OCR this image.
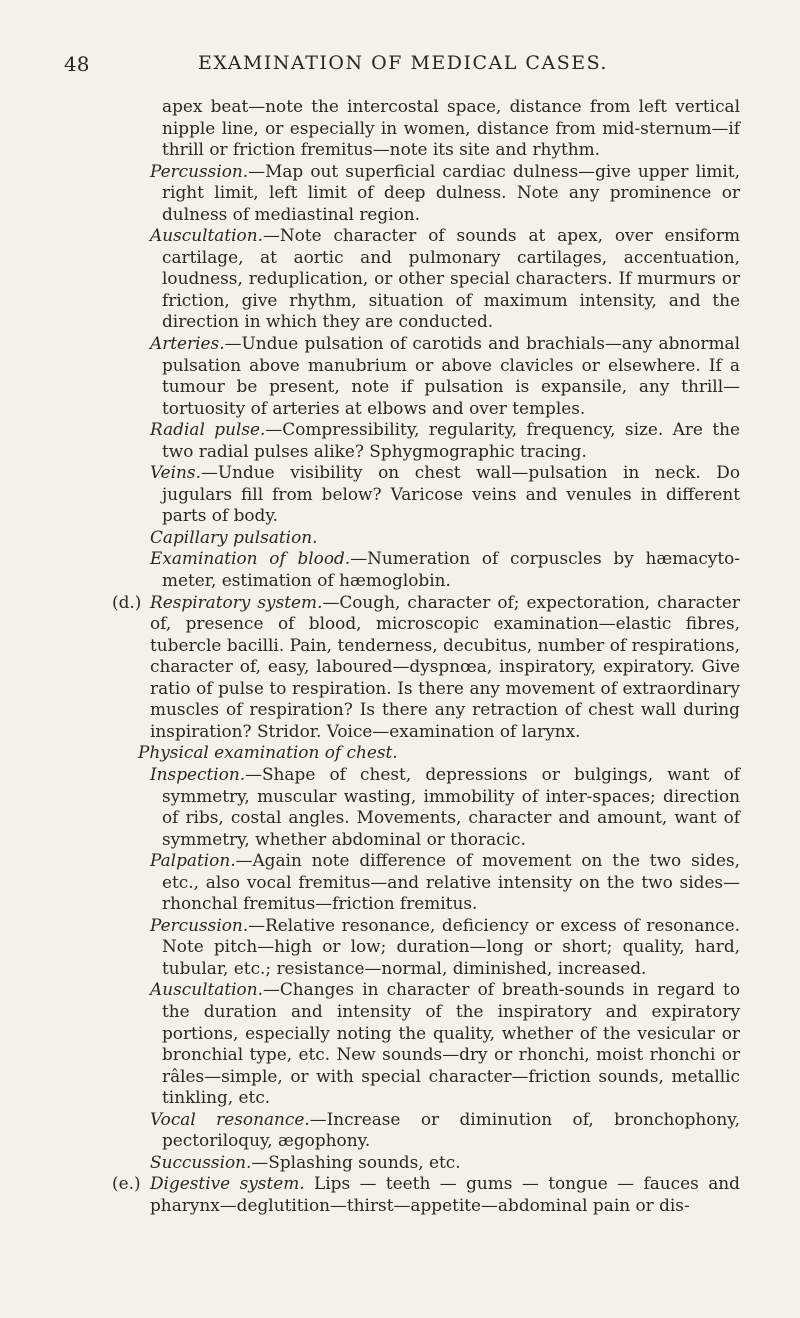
48	EXAMINATION OF MEDICAL CASES.

apex beat—note the intercostal space, distance from left vertical nipple line, or especially in women, distance from mid-sternum—if thrill or friction fremitus—note its site and rhythm.

Percussion.—Map out superficial cardiac dulness—give upper limit, right limit, left limit of deep dulness. Note any prominence or dulness of mediastinal region.

Auscultation.—Note character of sounds at apex, over ensiform cartilage, at aortic and pulmonary cartilages, accentuation, loudness, reduplication, or other special characters. If murmurs or friction, give rhythm, situation of maximum intensity, and the direction in which they are conducted.

Arteries.—Undue pulsation of carotids and brachials—any abnormal pulsation above manubrium or above clavicles or elsewhere. If a tumour be present, note if pulsation is expansile, any thrill—tortuosity of arteries at elbows and over temples.

Radial pulse.—Compressibility, regularity, frequency, size. Are the two radial pulses alike? Sphygmographic tracing.

Veins.—Undue visibility on chest wall—pulsation in neck. Do jugulars fill from below? Varicose veins and venules in different parts of body.

Capillary pulsation.

Examination of blood.—Numeration of corpuscles by hæmacyto-meter, estimation of hæmoglobin.

(d.) Respiratory system.—Cough, character of; expectoration, character of, presence of blood, microscopic examination—elastic fibres, tubercle bacilli. Pain, tenderness, decubitus, number of respirations, character of, easy, laboured—dyspnœa, inspiratory, expiratory. Give ratio of pulse to respiration. Is there any movement of extraordinary muscles of respiration? Is there any retraction of chest wall during inspiration? Stridor. Voice—examination of larynx.

Physical examination of chest.

Inspection.—Shape of chest, depressions or bulgings, want of symmetry, muscular wasting, immobility of inter-spaces; direction of ribs, costal angles. Movements, character and amount, want of symmetry, whether abdominal or thoracic.

Palpation.—Again note difference of movement on the two sides, etc., also vocal fremitus—and relative intensity on the two sides—rhonchal fremitus—friction fremitus.

Percussion.—Relative resonance, deficiency or excess of resonance. Note pitch—high or low; duration—long or short; quality, hard, tubular, etc.; resistance—normal, diminished, increased.

Auscultation.—Changes in character of breath-sounds in regard to the duration and intensity of the inspiratory and expiratory portions, especially noting the quality, whether of the vesicular or bronchial type, etc. New sounds—dry or rhonchi, moist rhonchi or râles—simple, or with special character—friction sounds, metallic tinkling, etc.

Vocal resonance.—Increase or diminution of, bronchophony, pectoriloquy, ægophony.

Succussion.—Splashing sounds, etc.

(e.) Digestive system. Lips — teeth — gums — tongue — fauces and pharynx—deglutition—thirst—appetite—abdominal pain or dis-
